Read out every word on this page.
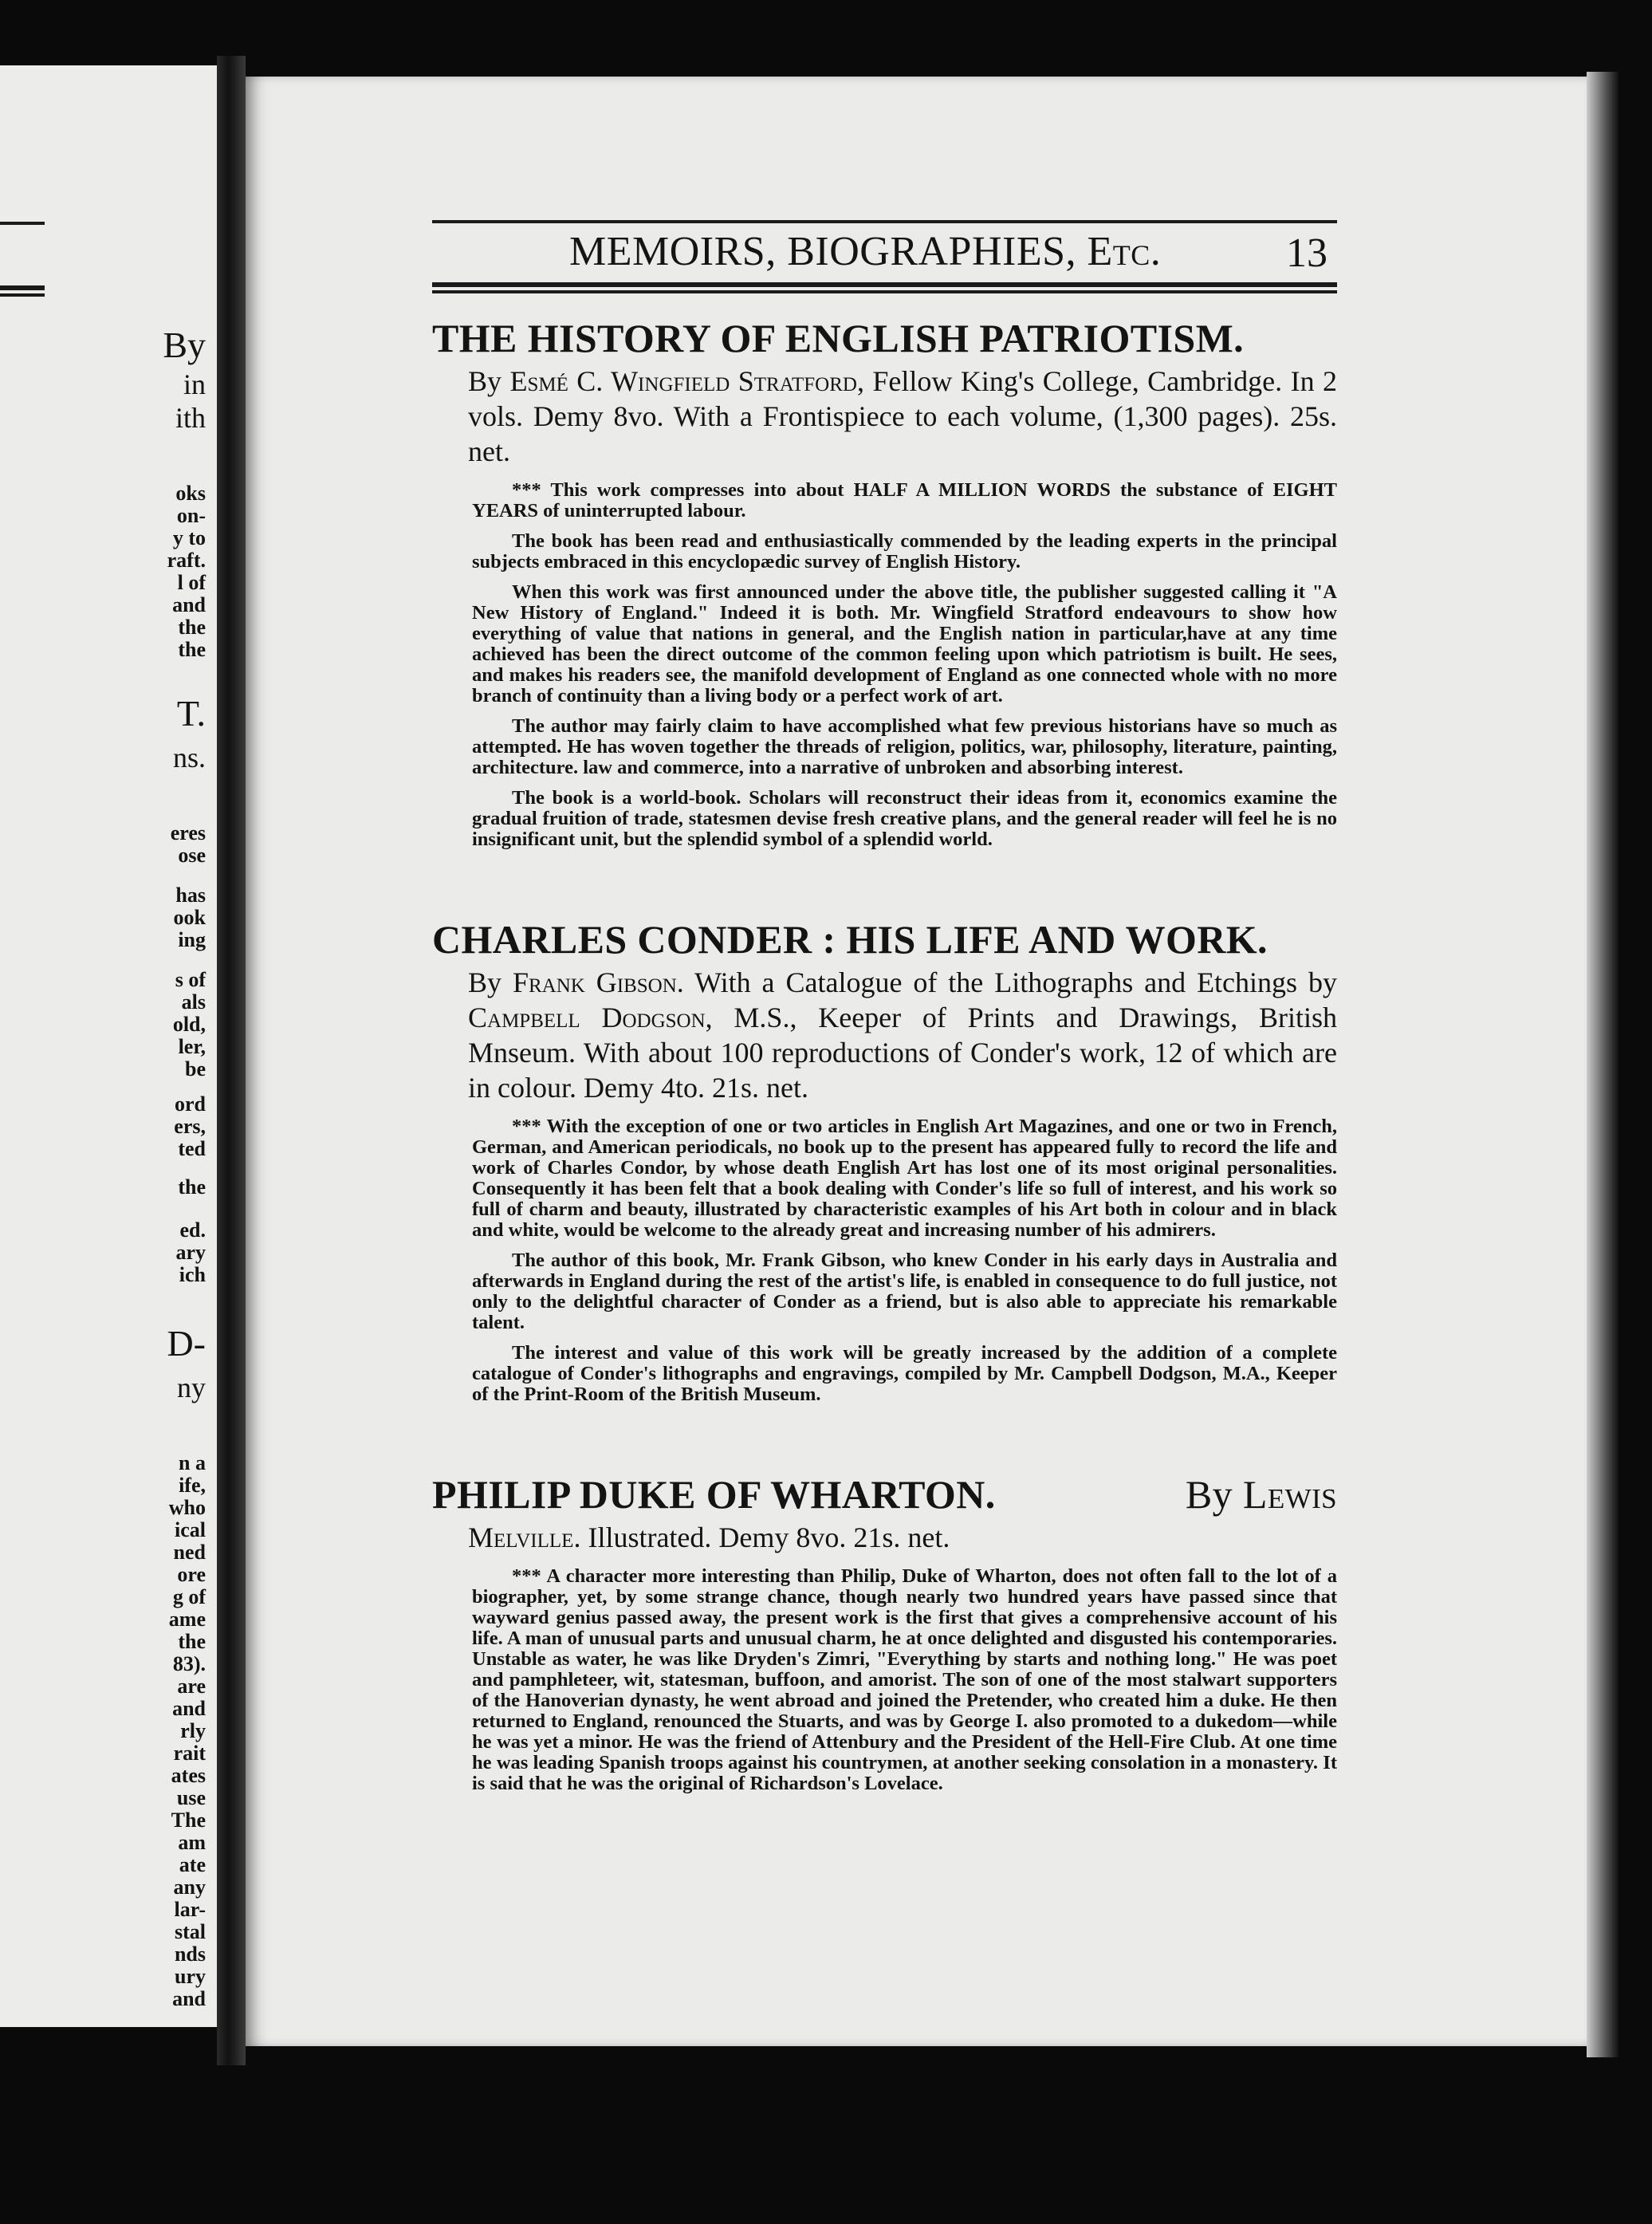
By
in
ith
oks
on-
y to
raft.
l of
and
the
the
T.
ns.
eres
ose
has
ook
ing
s of
als
old,
ler,
be
ord
ers,
ted
the
ed.
ary
ich
D-
ny
n a
ife,
who
ical
ned
ore
g of
ame
the
83).
are
and
rly
rait
ates
use
The
am
ate
any
lar-
stal
nds
ury
and
MEMOIRS, BIOGRAPHIES, Etc.	13
THE HISTORY OF ENGLISH PATRIOTISM.
By Esmé C. Wingfield Stratford, Fellow King's College, Cambridge. In 2 vols. Demy 8vo. With a Frontispiece to each volume, (1,300 pages). 25s. net.

*** This work compresses into about HALF A MILLION WORDS the substance of EIGHT YEARS of uninterrupted labour.

The book has been read and enthusiastically commended by the leading experts in the principal subjects embraced in this encyclopædic survey of English History.

When this work was first announced under the above title, the publisher suggested calling it "A New History of England." Indeed it is both. Mr. Wingfield Stratford endeavours to show how everything of value that nations in general, and the English nation in particular,have at any time achieved has been the direct outcome of the common feeling upon which patriotism is built. He sees, and makes his readers see, the manifold development of England as one connected whole with no more branch of continuity than a living body or a perfect work of art.

The author may fairly claim to have accomplished what few previous historians have so much as attempted. He has woven together the threads of religion, politics, war, philosophy, literature, painting, architecture. law and commerce, into a narrative of unbroken and absorbing interest.

The book is a world-book. Scholars will reconstruct their ideas from it, economics examine the gradual fruition of trade, statesmen devise fresh creative plans, and the general reader will feel he is no insignificant unit, but the splendid symbol of a splendid world.

CHARLES CONDER : HIS LIFE AND WORK.
By Frank Gibson. With a Catalogue of the Lithographs and Etchings by Campbell Dodgson, M.S., Keeper of Prints and Drawings, British Mnseum. With about 100 reproductions of Conder's work, 12 of which are in colour. Demy 4to. 21s. net.

*** With the exception of one or two articles in English Art Magazines, and one or two in French, German, and American periodicals, no book up to the present has appeared fully to record the life and work of Charles Condor, by whose death English Art has lost one of its most original personalities. Consequently it has been felt that a book dealing with Conder's life so full of interest, and his work so full of charm and beauty, illustrated by characteristic examples of his Art both in colour and in black and white, would be welcome to the already great and increasing number of his admirers.

The author of this book, Mr. Frank Gibson, who knew Conder in his early days in Australia and afterwards in England during the rest of the artist's life, is enabled in consequence to do full justice, not only to the delightful character of Conder as a friend, but is also able to appreciate his remarkable talent.

The interest and value of this work will be greatly increased by the addition of a complete catalogue of Conder's lithographs and engravings, compiled by Mr. Campbell Dodgson, M.A., Keeper of the Print-Room of the British Museum.

PHILIP DUKE OF WHARTON.	By Lewis
Melville. Illustrated. Demy 8vo. 21s. net.

*** A character more interesting than Philip, Duke of Wharton, does not often fall to the lot of a biographer, yet, by some strange chance, though nearly two hundred years have passed since that wayward genius passed away, the present work is the first that gives a comprehensive account of his life. A man of unusual parts and unusual charm, he at once delighted and disgusted his contemporaries. Unstable as water, he was like Dryden's Zimri, "Everything by starts and nothing long." He was poet and pamphleteer, wit, statesman, buffoon, and amorist. The son of one of the most stalwart supporters of the Hanoverian dynasty, he went abroad and joined the Pretender, who created him a duke. He then returned to England, renounced the Stuarts, and was by George I. also promoted to a dukedom—while he was yet a minor. He was the friend of Attenbury and the President of the Hell-Fire Club. At one time he was leading Spanish troops against his countrymen, at another seeking consolation in a monastery. It is said that he was the original of Richardson's Lovelace.
